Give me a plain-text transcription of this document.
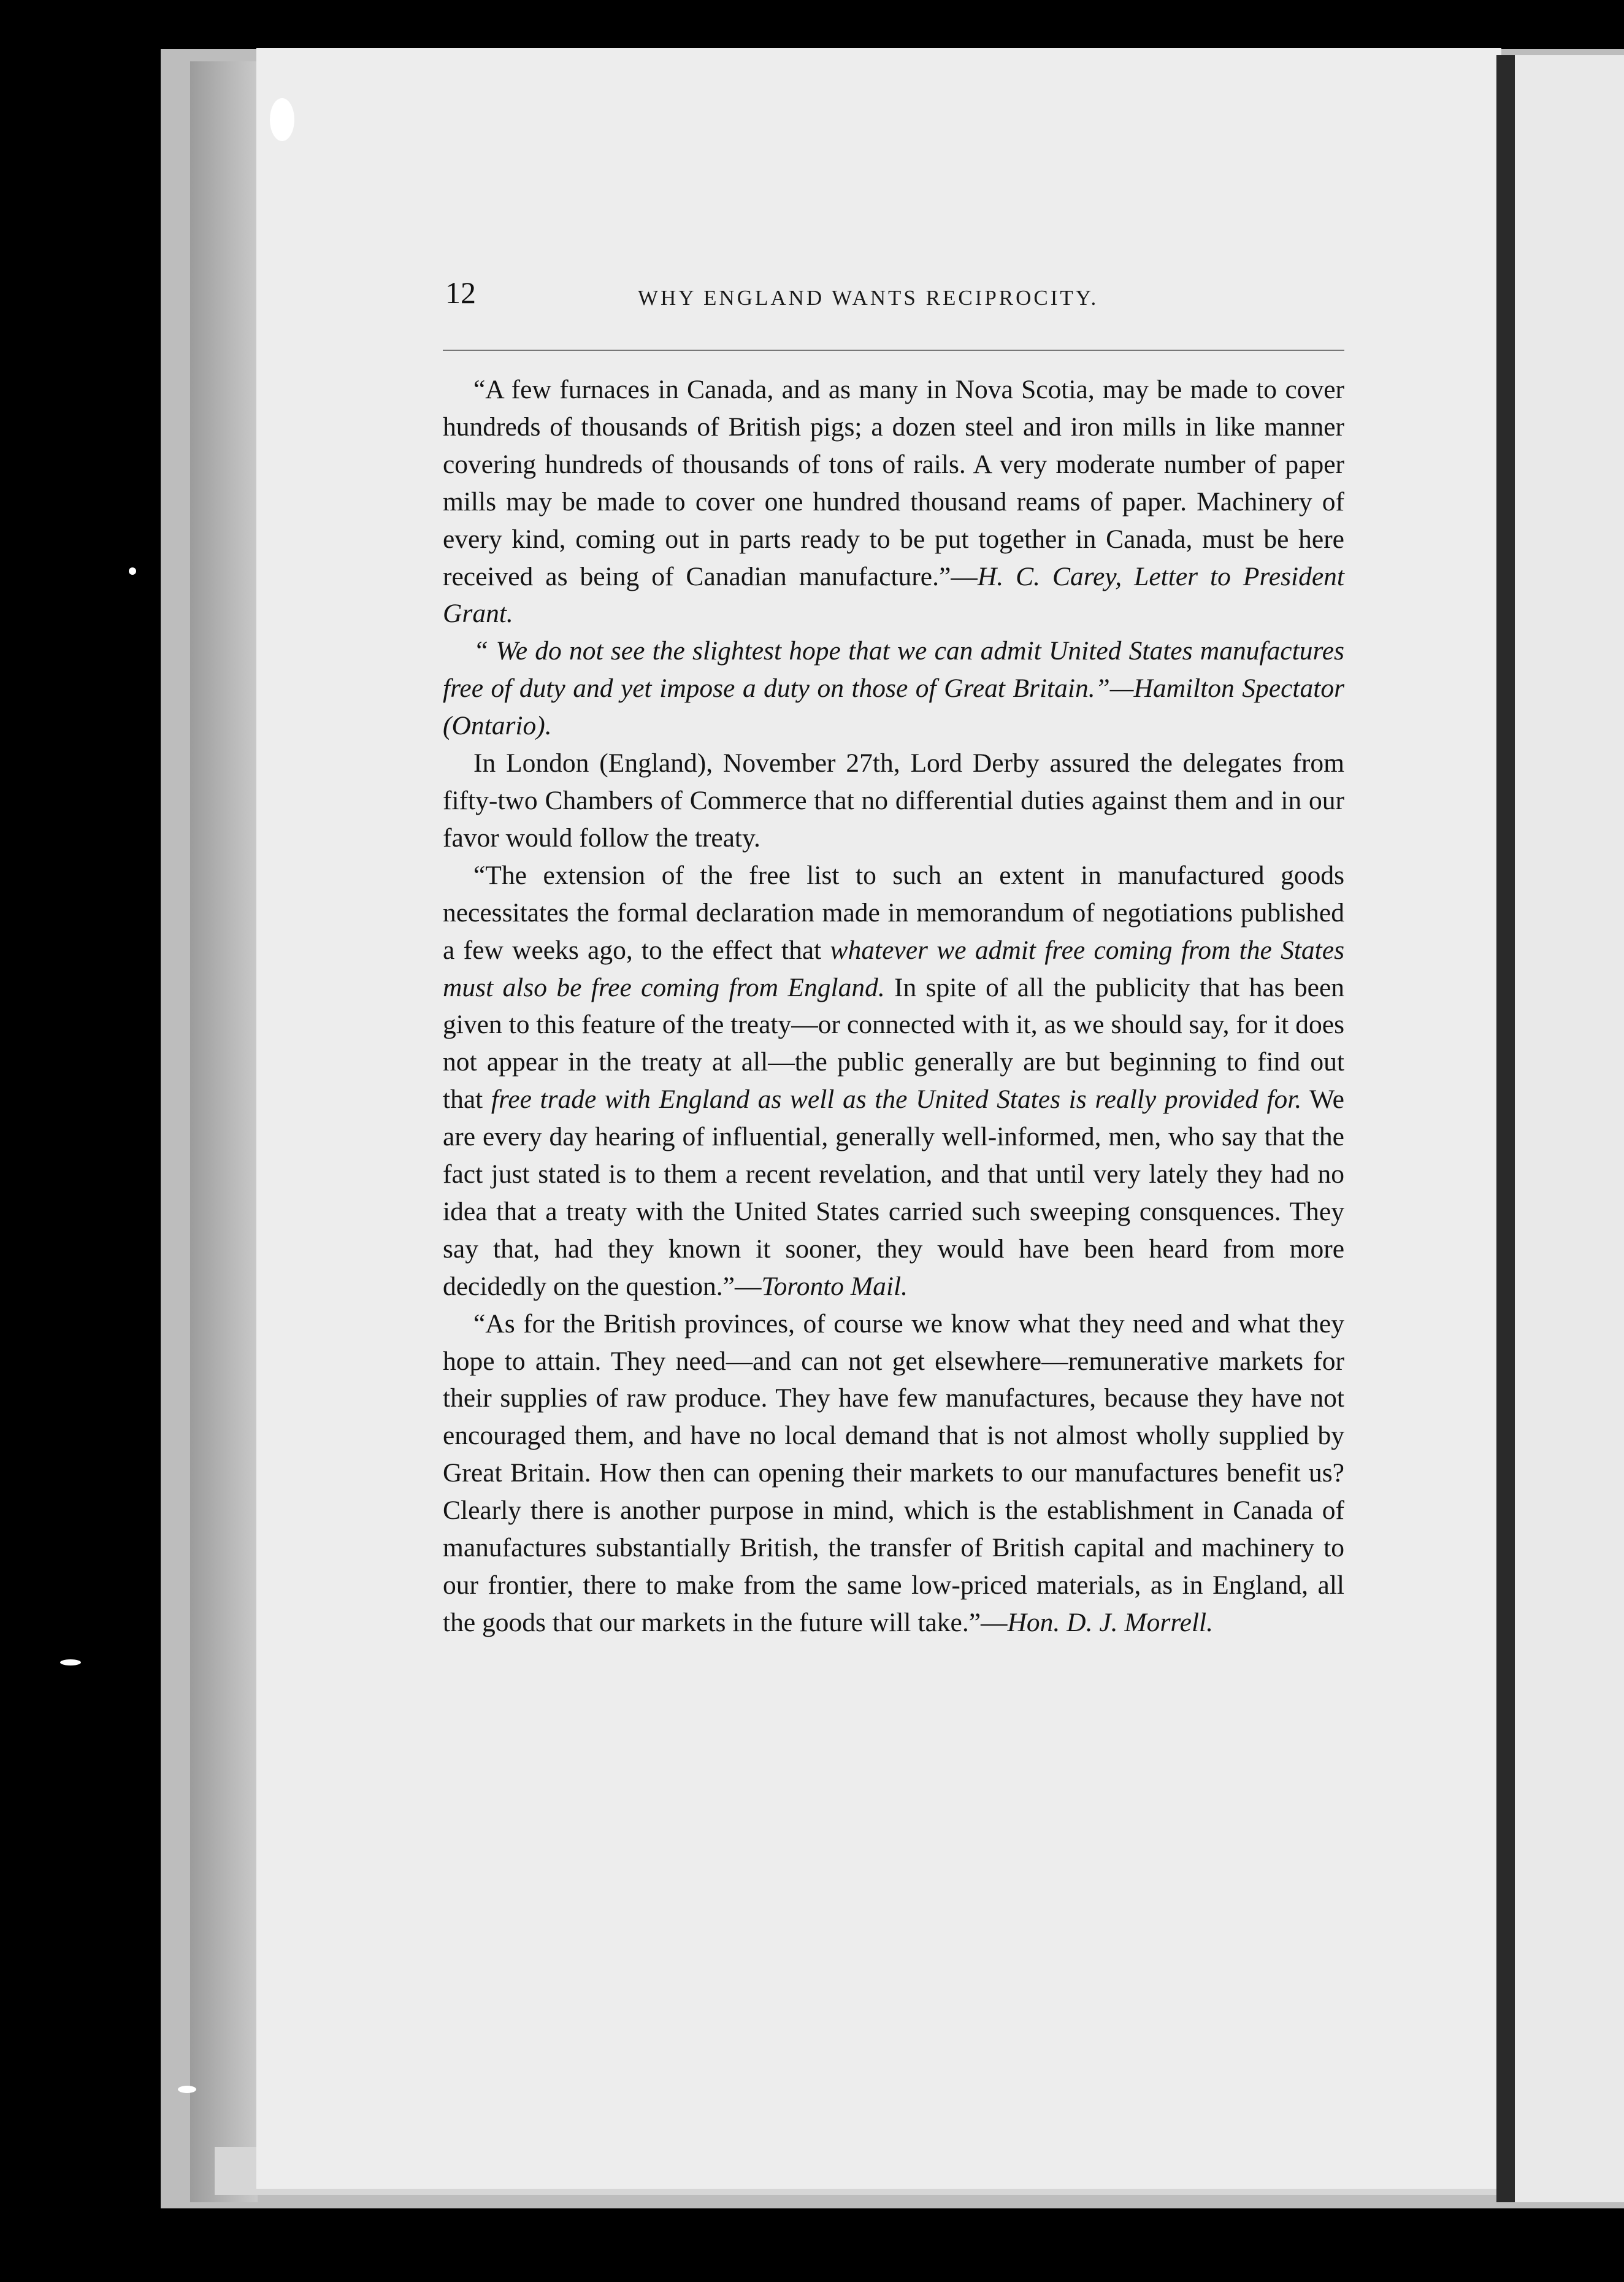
12	WHY ENGLAND WANTS RECIPROCITY.

“A few furnaces in Canada, and as many in Nova Scotia, may be made to cover hundreds of thousands of British pigs; a dozen steel and iron mills in like manner covering hundreds of thousands of tons of rails. A very moderate number of paper mills may be made to cover one hundred thousand reams of paper. Machinery of every kind, coming out in parts ready to be put together in Canada, must be here received as being of Canadian manufacture.”—H. C. Carey, Letter to President Grant.

“ We do not see the slightest hope that we can admit United States manufactures free of duty and yet impose a duty on those of Great Britain.”—Hamilton Spectator (Ontario).

In London (England), November 27th, Lord Derby assured the delegates from fifty-two Chambers of Commerce that no differential duties against them and in our favor would follow the treaty.

“The extension of the free list to such an extent in manufactured goods necessitates the formal declaration made in memorandum of negotiations published a few weeks ago, to the effect that whatever we admit free coming from the States must also be free coming from England. In spite of all the publicity that has been given to this feature of the treaty—or connected with it, as we should say, for it does not appear in the treaty at all—the public generally are but beginning to find out that free trade with England as well as the United States is really provided for. We are every day hearing of influential, generally well-informed, men, who say that the fact just stated is to them a recent revelation, and that until very lately they had no idea that a treaty with the United States carried such sweeping consquences. They say that, had they known it sooner, they would have been heard from more decidedly on the question.”—Toronto Mail.

“As for the British provinces, of course we know what they need and what they hope to attain. They need—and can not get elsewhere—remunerative markets for their supplies of raw produce. They have few manufactures, because they have not encouraged them, and have no local demand that is not almost wholly supplied by Great Britain. How then can opening their markets to our manufactures benefit us? Clearly there is another purpose in mind, which is the establishment in Canada of manufactures substantially British, the transfer of British capital and machinery to our frontier, there to make from the same low-priced materials, as in England, all the goods that our markets in the future will take.”—Hon. D. J. Morrell.
